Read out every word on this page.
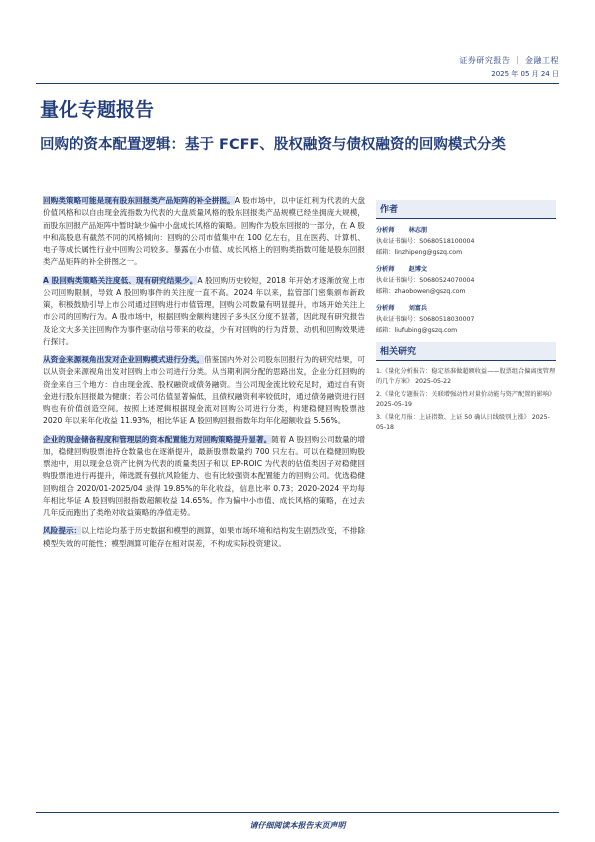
证券研究报告 ｜ 金融工程
2025 年 05 月 24 日
量化专题报告
回购的资本配置逻辑：基于 FCFF、股权融资与债权融资的回购模式分类

回购类策略可能是现有股东回报类产品矩阵的补全拼图。A 股市场中，以中证红利为代表的大盘价值风格和以自由现金流指数为代表的大盘质量风格的股东回报类产品规模已经坐拥庞大规模，而股东回报产品矩阵中暂时缺少偏中小盘成长风格的策略。回购作为股东回报的一部分，在 A 股中和高股息有截然不同的风格倾向：回购的公司市值集中在 100 亿左右，且在医药、计算机、电子等成长属性行业中回购公司较多。暴露在小市值、成长风格上的回购类指数可能是股东回报类产品矩阵的补全拼图之一。

A 股回购类策略关注度低、现有研究结果少。A 股回购历史较短，2018 年开始才逐渐放宽上市公司回购限制，导致 A 股回购事件的关注度一直不高。2024 年以来，监管部门密集颁布新政策，积极鼓励引导上市公司通过回购进行市值管理，回购公司数量有明显提升，市场开始关注上市公司的回购行为。A 股市场中，根据回购金额构建因子多头区分度不显著，因此现有研究报告及论文大多关注回购作为事件驱动信号带来的收益，少有对回购的行为背景、动机和回购效果进行探讨。

从资金来源视角出发对企业回购模式进行分类。借鉴国内外对公司股东回报行为的研究结果，可以从资金来源视角出发对回购上市公司进行分类。从当期利润分配的思路出发，企业分红回购的资金来自三个地方：自由现金流、股权融资或债务融资。当公司现金流比较充足时，通过自有资金进行股东回报最为健康；若公司估值显著偏低，且债权融资利率较低时，通过债务融资进行回购也有价值创造空间。按照上述逻辑根据现金流对回购公司进行分类，构建稳健回购股票池 2020 年以来年化收益 11.93%，相比华证 A 股回购回报指数年均年化超额收益 5.56%。

企业的现金储备程度和管理层的资本配置能力对回购策略提升显著。随着 A 股回购公司数量的增加，稳健回购股票池持仓数量也在逐渐提升，最新股票数量约 700 只左右。可以在稳健回购股票池中，用以现金总资产比例为代表的质量类因子和以 EP-ROIC 为代表的估值类因子对稳健回购股票池进行再提升，筛选既有强抗风险能力、也有比较强资本配置能力的回购公司。优选稳健回购组合 2020/01-2025/04 录得 19.85%的年化收益，信息比率 0.73；2020-2024 平均每年相比华证 A 股回购回报指数超额收益 14.65%。作为偏中小市值、成长风格的策略，在过去几年反而跑出了类绝对收益策略的净值走势。

风险提示：以上结论均基于历史数据和模型的测算，如果市场环境和结构发生剧烈改变，不排除模型失效的可能性；模型测算可能存在相对误差，不构成实际投资建议。

作者
分析师 林志朋
执业证书编号：S0680518100004
邮箱：linzhipeng@gszq.com
分析师 赵博文
执业证书编号：S0680524070004
邮箱：zhaobowen@gszq.com
分析师 刘富兵
执业证书编号：S0680518030007
邮箱：liufubing@gszq.com
相关研究
1.《量化分析报告：稳定基准做超额收益——股票组合偏离度管理的几个方案》 2025-05-22
2.《量化专题报告：关联增强动性对量价动能与资产配置的影响》 2025-05-19
3.《量化月报：上证指数、上证 50 确认日线级别上涨》 2025-05-18
请仔细阅读本报告末页声明
